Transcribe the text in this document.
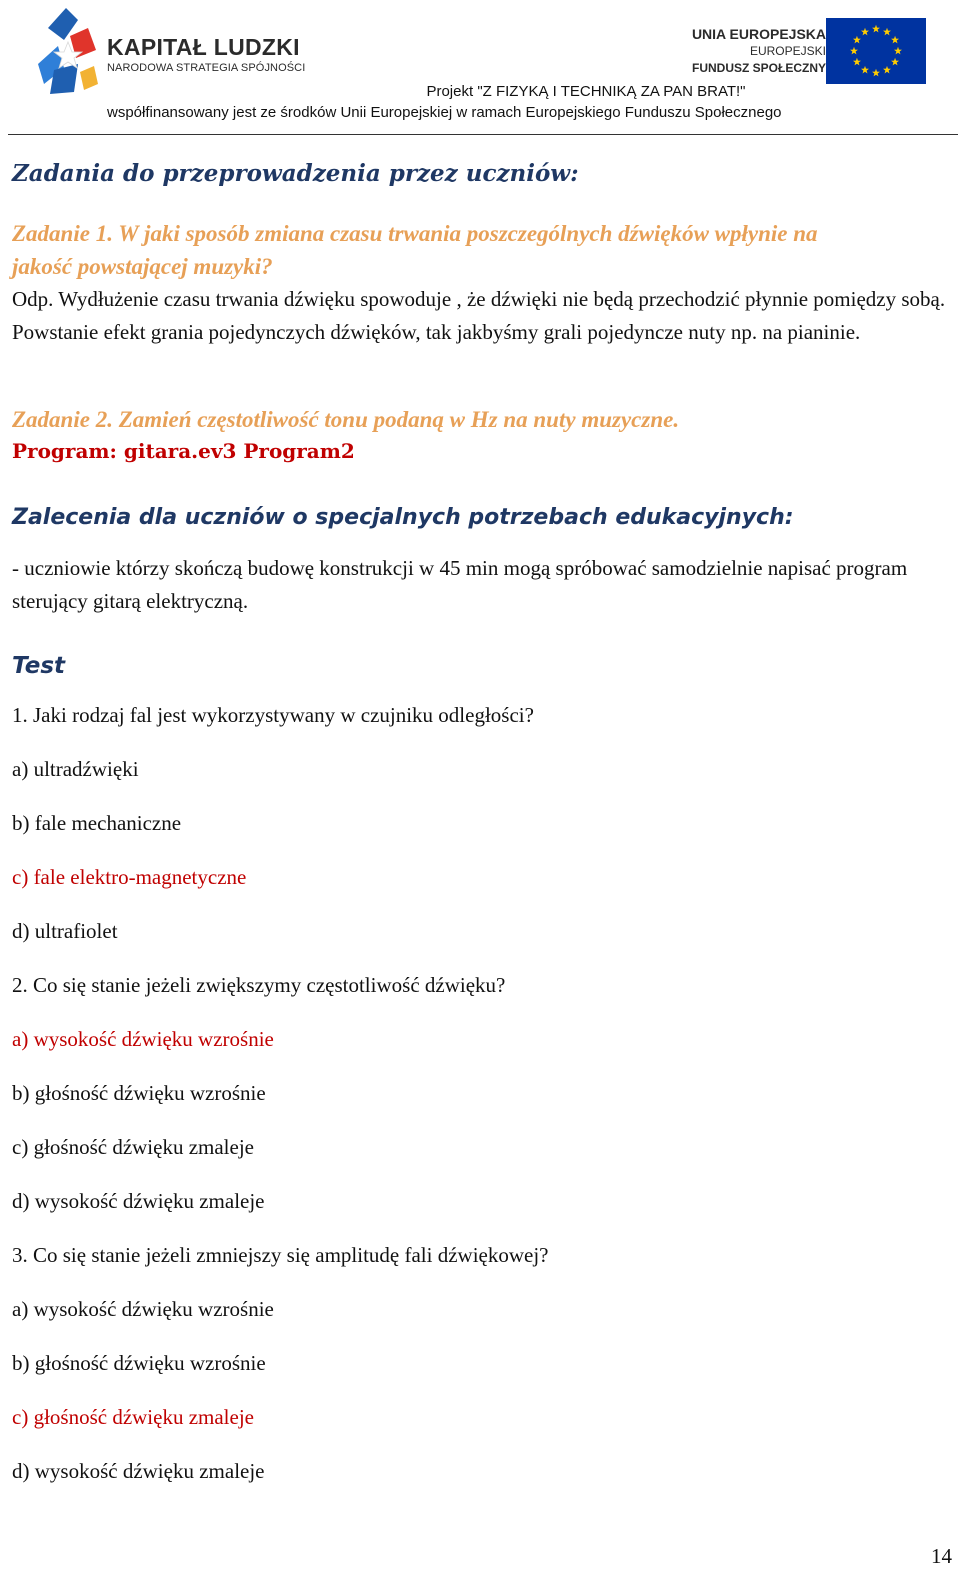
KAPITAŁ LUDZKI
NARODOWA STRATEGIA SPÓJNOŚCI
UNIA EUROPEJSKA
EUROPEJSKI
FUNDUSZ SPOŁECZNY
Projekt "Z FIZYKĄ I TECHNIKĄ ZA PAN BRAT!"
współfinansowany jest ze środków Unii Europejskiej w ramach Europejskiego Funduszu Społecznego
Zadania do przeprowadzenia przez uczniów:
Zadanie 1. W jaki sposób zmiana czasu trwania poszczególnych dźwięków wpłynie na
jakość powstającej muzyki?
Odp. Wydłużenie czasu trwania dźwięku spowoduje , że dźwięki nie będą przechodzić płynnie pomiędzy sobą. Powstanie efekt grania pojedynczych dźwięków, tak jakbyśmy grali pojedyncze nuty np. na pianinie.
Zadanie 2. Zamień częstotliwość tonu podaną w Hz na nuty muzyczne.
Program: gitara.ev3 Program2
Zalecenia dla uczniów o specjalnych potrzebach edukacyjnych:
- uczniowie którzy skończą budowę konstrukcji w 45 min mogą spróbować samodzielnie napisać program sterujący gitarą elektryczną.
Test
1. Jaki rodzaj fal jest wykorzystywany w czujniku odległości?
a) ultradźwięki
b) fale mechaniczne
c) fale elektro-magnetyczne
d) ultrafiolet
2. Co się stanie jeżeli zwiększymy częstotliwość dźwięku?
a) wysokość dźwięku wzrośnie
b) głośność dźwięku wzrośnie
c) głośność dźwięku zmaleje
d) wysokość dźwięku zmaleje
3. Co się stanie jeżeli zmniejszy się amplitudę fali dźwiękowej?
a) wysokość dźwięku wzrośnie
b) głośność dźwięku wzrośnie
c) głośność dźwięku zmaleje
d) wysokość dźwięku zmaleje
14
